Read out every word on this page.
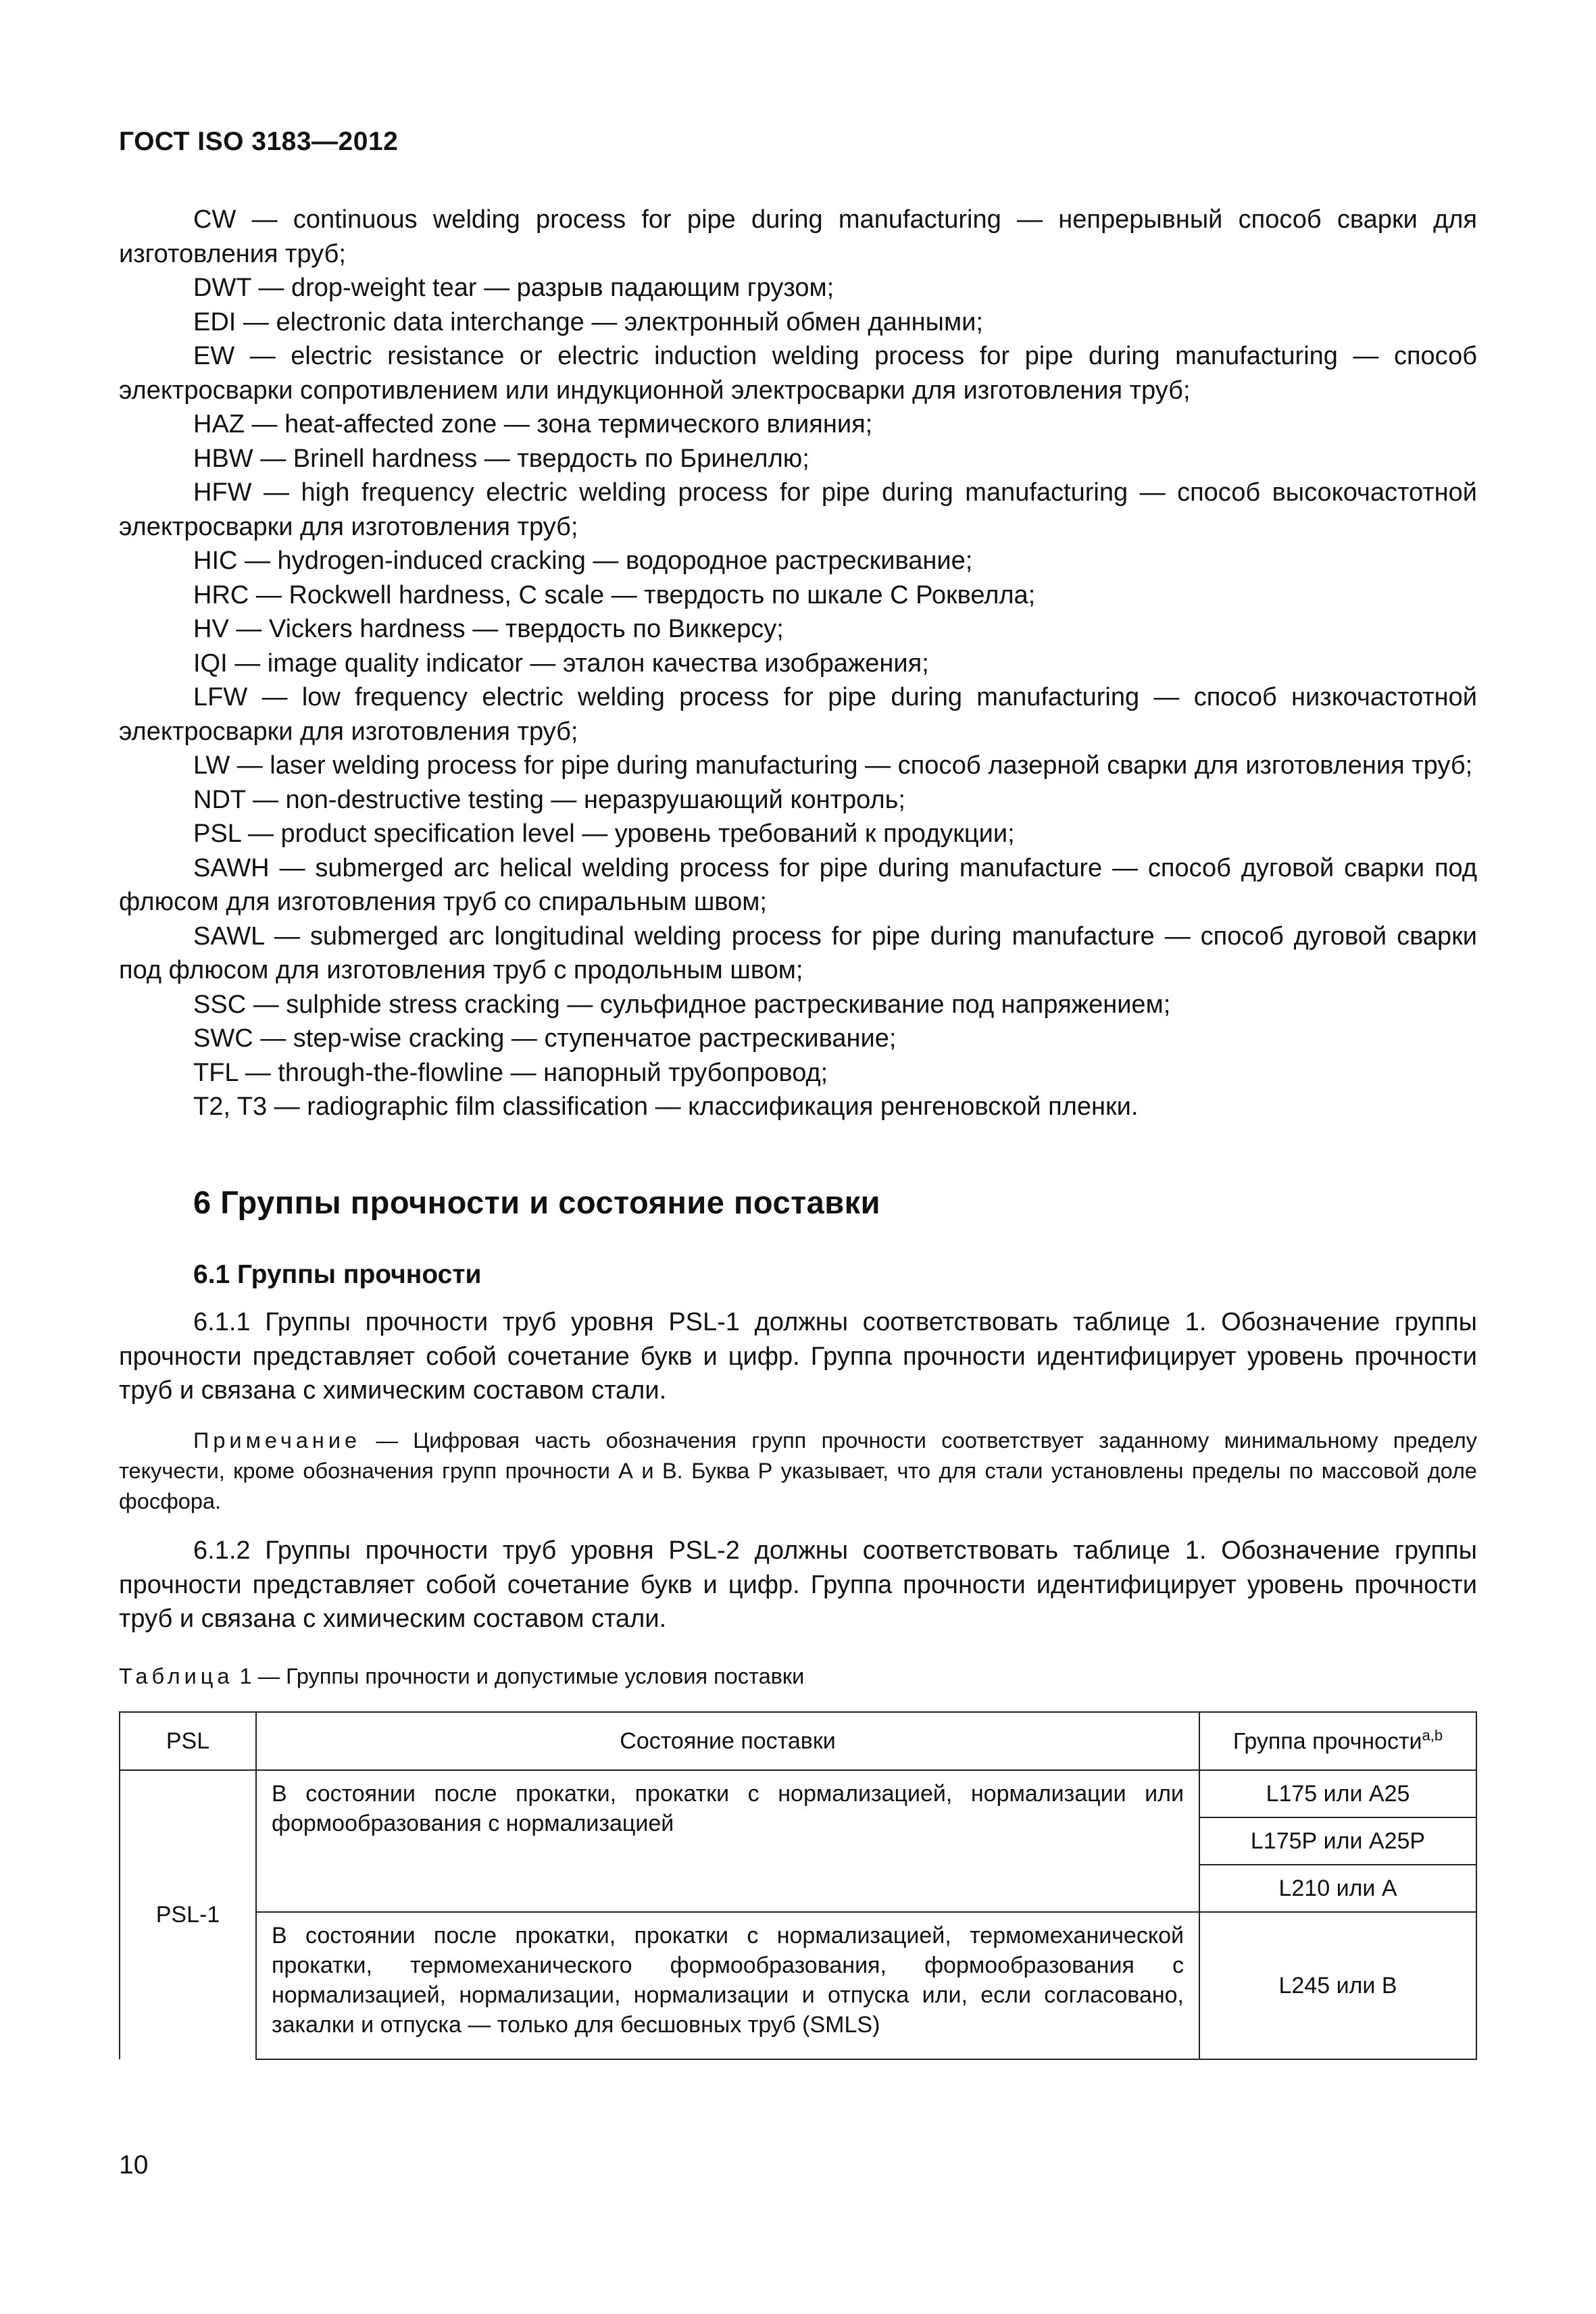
ГОСТ ISO 3183—2012

CW — continuous welding process for pipe during manufacturing — непрерывный способ сварки для изготовления труб;

DWT — drop-weight tear — разрыв падающим грузом;

EDI — electronic data interchange — электронный обмен данными;

EW — electric resistance or electric induction welding process for pipe during manufacturing — способ электросварки сопротивлением или индукционной электросварки для изготовления труб;

HAZ — heat-affected zone — зона термического влияния;

HBW — Brinell hardness — твердость по Бринеллю;

HFW — high frequency electric welding process for pipe during manufacturing — способ высокочастотной электросварки для изготовления труб;

HIC — hydrogen-induced cracking — водородное растрескивание;

HRC — Rockwell hardness, C scale — твердость по шкале С Роквелла;

HV — Vickers hardness — твердость по Виккерсу;

IQI — image quality indicator — эталон качества изображения;

LFW — low frequency electric welding process for pipe during manufacturing — способ низкочастотной электросварки для изготовления труб;

LW — laser welding process for pipe during manufacturing — способ лазерной сварки для изготовления труб;

NDT — non-destructive testing — неразрушающий контроль;

PSL — product specification level — уровень требований к продукции;

SAWH — submerged arc helical welding process for pipe during manufacture — способ дуговой сварки под флюсом для изготовления труб со спиральным швом;

SAWL — submerged arc longitudinal welding process for pipe during manufacture — способ дуговой сварки под флюсом для изготовления труб с продольным швом;

SSC — sulphide stress cracking — сульфидное растрескивание под напряжением;

SWC — step-wise cracking — ступенчатое растрескивание;

TFL — through-the-flowline — напорный трубопровод;

T2, T3 — radiographic film classification — классификация ренгеновской пленки.

6 Группы прочности и состояние поставки
6.1 Группы прочности

6.1.1 Группы прочности труб уровня PSL-1 должны соответствовать таблице 1. Обозначение группы прочности представляет собой сочетание букв и цифр. Группа прочности идентифицирует уровень прочности труб и связана с химическим составом стали.

Примечание — Цифровая часть обозначения групп прочности соответствует заданному минимальному пределу текучести, кроме обозначения групп прочности А и В. Буква Р указывает, что для стали установлены пределы по массовой доле фосфора.

6.1.2 Группы прочности труб уровня PSL-2 должны соответствовать таблице 1. Обозначение группы прочности представляет собой сочетание букв и цифр. Группа прочности идентифицирует уровень прочности труб и связана с химическим составом стали.

Таблица 1 — Группы прочности и допустимые условия поставки
PSL	Состояние поставки	Группа прочности$^{a,b}$
PSL-1	В состоянии после прокатки, прокатки с нормализацией, нормализации или формообразования с нормализацией	L175 или А25
		L175Р или А25Р
		L210 или А
	В состоянии после прокатки, прокатки с нормализацией, термомеханической прокатки, термомеханического формообразования, формообразования с нормализацией, нормализации, нормализации и отпуска или, если согласовано, закалки и отпуска — только для бесшовных труб (SMLS)	L245 или В
10
